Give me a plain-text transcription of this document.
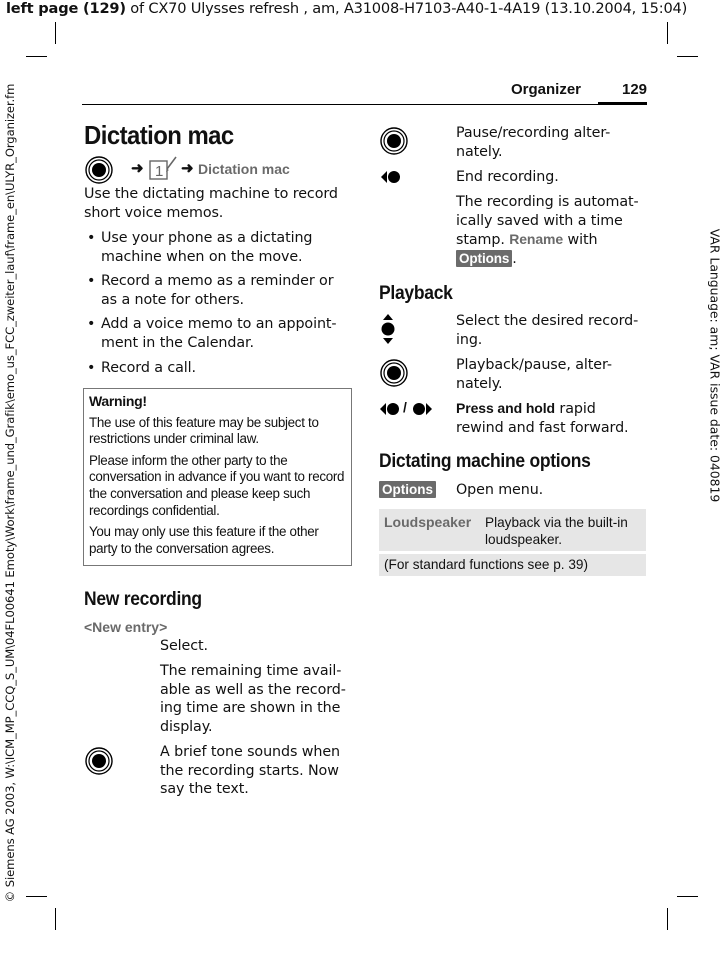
left page (129) of CX70 Ulysses refresh , am, A31008-H7103-A40-1-4A19 (13.10.2004, 15:04)
© Siemens AG 2003, W:\ICM_MP_CCQ_S_UM\04FL00641 Emoty\Work\frame_und_Grafik\emo_us_FCC_zweiter_lauf\frame_en\ULYR_Organizer.fm	VAR Language: am; VAR issue date: 040819
Organizer	129
Dictation mac
➜ 1 ➜ Dictation mac
Use the dictating machine to record short voice memos.
• Use your phone as a dictating machine when on the move.
• Record a memo as a reminder or as a note for others.
• Add a voice memo to an appoint-ment in the Calendar.
• Record a call.
Warning!

The use of this feature may be subject to restrictions under criminal law.

Please inform the other party to the conversation in advance if you want to record the conversation and please keep such recordings confidential.

You may only use this feature if the other party to the conversation agrees.

New recording
<New entry>
Select.
The remaining time avail-able as well as the record-ing time are shown in the display.
A brief tone sounds when the recording starts. Now say the text.
Pause/recording alter-nately.
End recording.
The recording is automat-ically saved with a time stamp. Rename with
Options .
Playback
Select the desired record-ing.
Playback/pause, alter-nately.
/	Press and hold rapid rewind and fast forward.
Dictating machine options
Options Open menu.
Loudspeaker Playback via the built-in loudspeaker.
(For standard functions see p. 39)
